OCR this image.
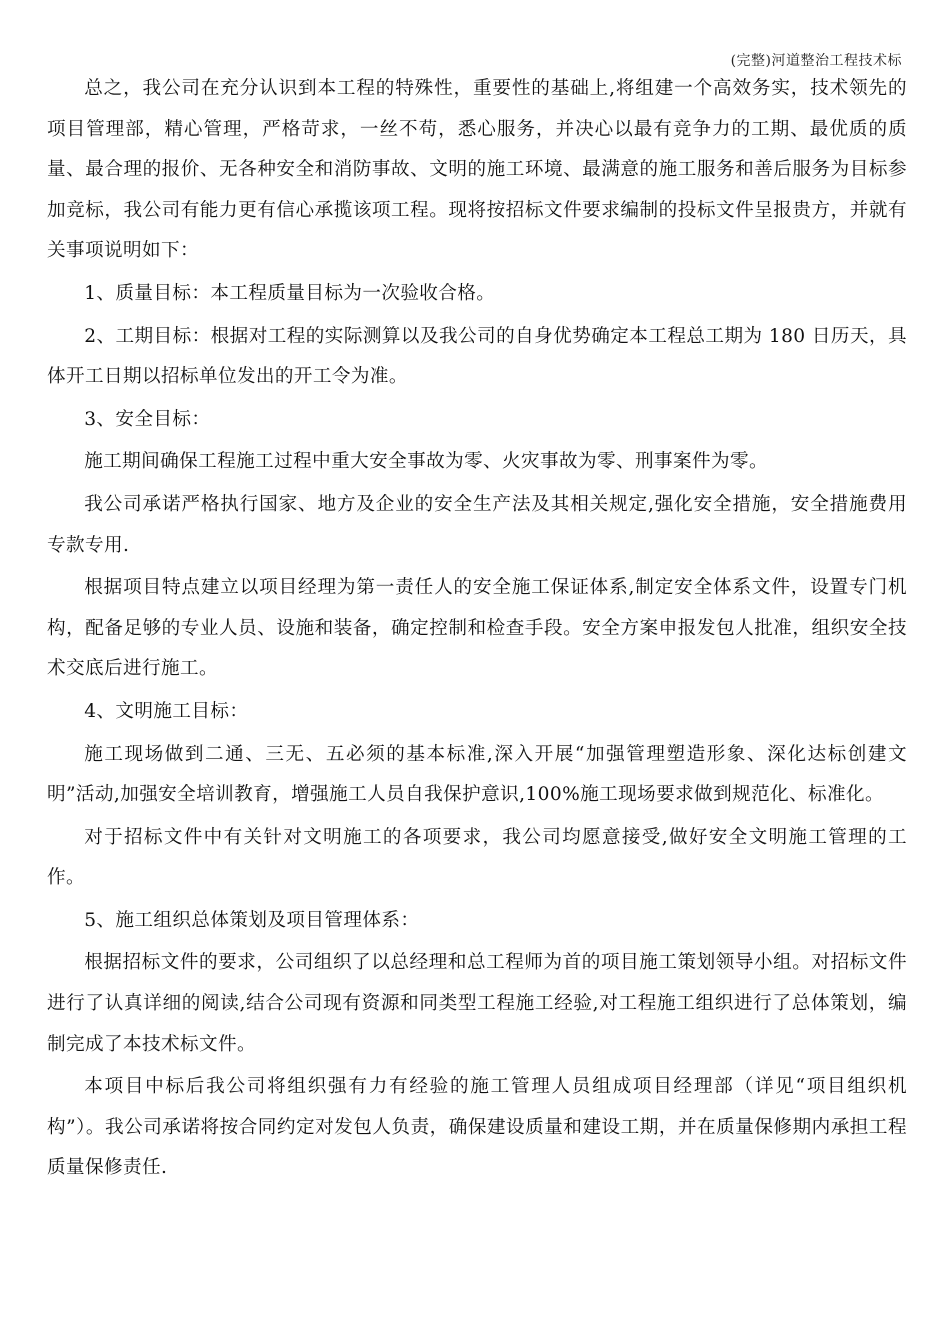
(完整)河道整治工程技术标

总之，我公司在充分认识到本工程的特殊性，重要性的基础上,将组建一个高效务实，技术领先的项目管理部，精心管理，严格苛求，一丝不苟，悉心服务，并决心以最有竞争力的工期、最优质的质量、最合理的报价、无各种安全和消防事故、文明的施工环境、最满意的施工服务和善后服务为目标参加竞标，我公司有能力更有信心承揽该项工程。现将按招标文件要求编制的投标文件呈报贵方，并就有关事项说明如下：

1、质量目标：本工程质量目标为一次验收合格。

2、工期目标：根据对工程的实际测算以及我公司的自身优势确定本工程总工期为 180 日历天，具体开工日期以招标单位发出的开工令为准。

3、安全目标：

施工期间确保工程施工过程中重大安全事故为零、火灾事故为零、刑事案件为零。

我公司承诺严格执行国家、地方及企业的安全生产法及其相关规定,强化安全措施，安全措施费用专款专用.

根据项目特点建立以项目经理为第一责任人的安全施工保证体系,制定安全体系文件，设置专门机构，配备足够的专业人员、设施和装备，确定控制和检查手段。安全方案申报发包人批准，组织安全技术交底后进行施工。

4、文明施工目标：

施工现场做到二通、三无、五必须的基本标准,深入开展“加强管理塑造形象、深化达标创建文明”活动,加强安全培训教育，增强施工人员自我保护意识,100%施工现场要求做到规范化、标准化。

对于招标文件中有关针对文明施工的各项要求，我公司均愿意接受,做好安全文明施工管理的工作。

5、施工组织总体策划及项目管理体系：

根据招标文件的要求，公司组织了以总经理和总工程师为首的项目施工策划领导小组。对招标文件进行了认真详细的阅读,结合公司现有资源和同类型工程施工经验,对工程施工组织进行了总体策划，编制完成了本技术标文件。

本项目中标后我公司将组织强有力有经验的施工管理人员组成项目经理部（详见“项目组织机构”）。我公司承诺将按合同约定对发包人负责，确保建设质量和建设工期，并在质量保修期内承担工程质量保修责任.
